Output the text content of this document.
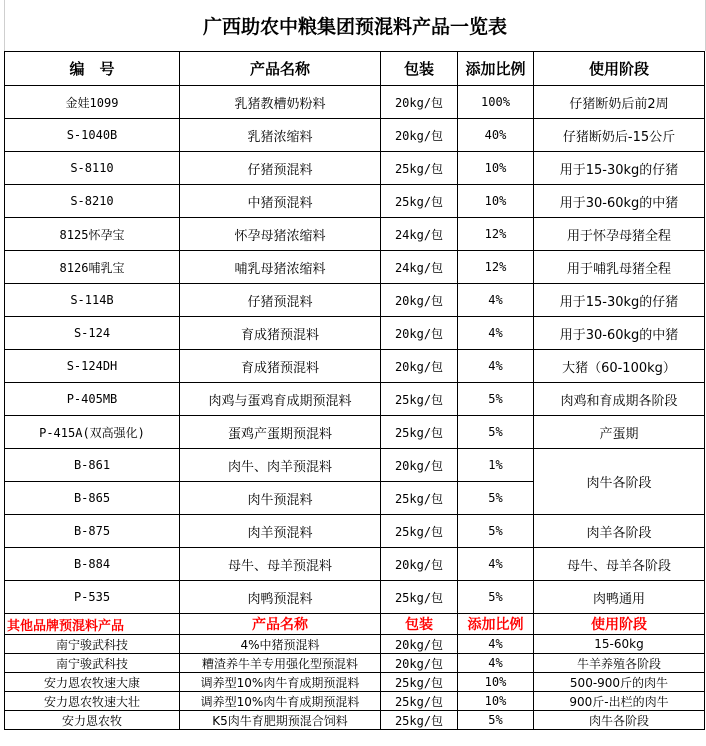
广西助农中粮集团预混料产品一览表
编　号	产品名称	包装	添加比例	使用阶段
金娃1099	乳猪教槽奶粉料	20kg/包	100%	仔猪断奶后前2周
S-1040B	乳猪浓缩料	20kg/包	40%	仔猪断奶后-15公斤
S-8110	仔猪预混料	25kg/包	10%	用于15-30kg的仔猪
S-8210	中猪预混料	25kg/包	10%	用于30-60kg的中猪
8125怀孕宝	怀孕母猪浓缩料	24kg/包	12%	用于怀孕母猪全程
8126哺乳宝	哺乳母猪浓缩料	24kg/包	12%	用于哺乳母猪全程
S-114B	仔猪预混料	20kg/包	4%	用于15-30kg的仔猪
S-124	育成猪预混料	20kg/包	4%	用于30-60kg的中猪
S-124DH	育成猪预混料	20kg/包	4%	大猪（60-100kg）
P-405MB	肉鸡与蛋鸡育成期预混料	25kg/包	5%	肉鸡和育成期各阶段
P-415A(双高强化)	蛋鸡产蛋期预混料	25kg/包	5%	产蛋期
B-861	肉牛、肉羊预混料	20kg/包	1%	肉牛各阶段
B-865	肉牛预混料	25kg/包	5%	
B-875	肉羊预混料	25kg/包	5%	肉羊各阶段
B-884	母牛、母羊预混料	20kg/包	4%	母牛、母羊各阶段
P-535	肉鸭预混料	25kg/包	5%	肉鸭通用
其他品牌预混料产品	产品名称	包装	添加比例	使用阶段
南宁骏武科技	4%中猪预混料	20kg/包	4%	15-60kg
南宁骏武科技	糟渣养牛羊专用强化型预混料	20kg/包	4%	牛羊养殖各阶段
安力恩农牧速大康	调养型10%肉牛育成期预混料	25kg/包	10%	500-900斤的肉牛
安力恩农牧速大壮	调养型10%肉牛育成期预混料	25kg/包	10%	900斤-出栏的肉牛
安力恩农牧	K5肉牛育肥期预混合饲料	25kg/包	5%	肉牛各阶段
